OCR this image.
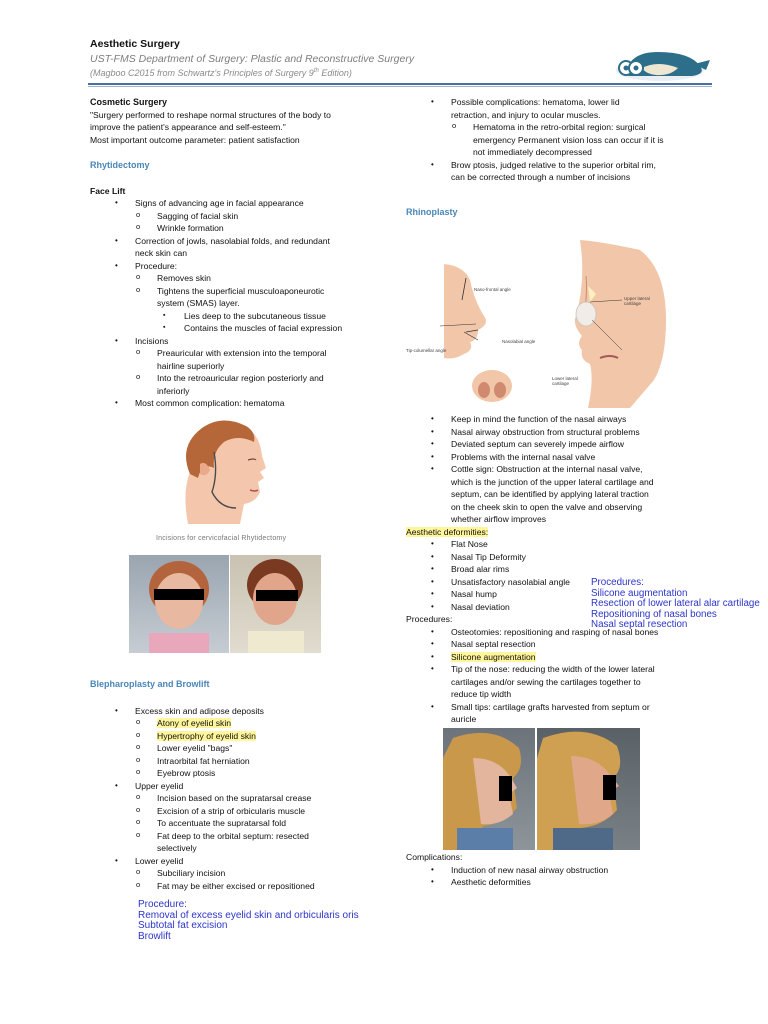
Aesthetic Surgery
UST-FMS Department of Surgery: Plastic and Reconstructive Surgery
(Magboo C2015 from Schwartz's Principles of Surgery 9th Edition)
Cosmetic Surgery
"Surgery performed to reshape normal structures of the body to
improve the patient's appearance and self-esteem."
Most important outcome parameter: patient satisfaction
Rhytidectomy
Face Lift
• Signs of advancing age in facial appearance
o Sagging of facial skin
o Wrinkle formation
• Correction of jowls, nasolabial folds, and redundant
neck skin can
• Procedure:
o Removes skin
o Tightens the superficial musculoaponeurotic
system (SMAS) layer.
▪ Lies deep to the subcutaneous tissue
▪ Contains the muscles of facial expression
• Incisions
o Preauricular with extension into the temporal
hairline superiorly
o Into the retroauricular region posteriorly and
inferiorly
• Most common complication: hematoma
Incisions for cervicofacial Rhytidectomy
Blepharoplasty and Browlift
• Excess skin and adipose deposits
o Atony of eyelid skin
o Hypertrophy of eyelid skin
o Lower eyelid "bags"
o Intraorbital fat herniation
o Eyebrow ptosis
• Upper eyelid
o Incision based on the supratarsal crease
o Excision of a strip of orbicularis muscle
o To accentuate the supratarsal fold
o Fat deep to the orbital septum: resected
selectively
• Lower eyelid
o Subciliary incision
o Fat may be either excised or repositioned
Procedure:
Removal of excess eyelid skin and orbicularis oris
Subtotal fat excision
Browlift
• Possible complications: hematoma, lower lid
retraction, and injury to ocular muscles.
o Hematoma in the retro-orbital region: surgical
emergency Permanent vision loss can occur if it is
not immediately decompressed
• Brow ptosis, judged relative to the superior orbital rim,
can be corrected through a number of incisions
Rhinoplasty
Naso-frontal angle
Nasolabial angle
Tip-columellar angle
Upper lateral cartilage
Lower lateral cartilage
• Keep in mind the function of the nasal airways
• Nasal airway obstruction from structural problems
• Deviated septum can severely impede airflow
• Problems with the internal nasal valve
• Cottle sign: Obstruction at the internal nasal valve,
which is the junction of the upper lateral cartilage and
septum, can be identified by applying lateral traction
on the cheek skin to open the valve and observing
whether airflow improves
Aesthetic deformities:
• Flat Nose
• Nasal Tip Deformity
• Broad alar rims
• Unsatisfactory nasolabial angle
• Nasal hump
• Nasal deviation
Procedures:
• Osteotomies: repositioning and rasping of nasal bones
• Nasal septal resection
• Silicone augmentation
• Tip of the nose: reducing the width of the lower lateral
cartilages and/or sewing the cartilages together to
reduce tip width
• Small tips: cartilage grafts harvested from septum or
auricle
Procedures:
Silicone augmentation
Resection of lower lateral alar cartilage
Repositioning of nasal bones
Nasal septal resection
Complications:
• Induction of new nasal airway obstruction
• Aesthetic deformities
